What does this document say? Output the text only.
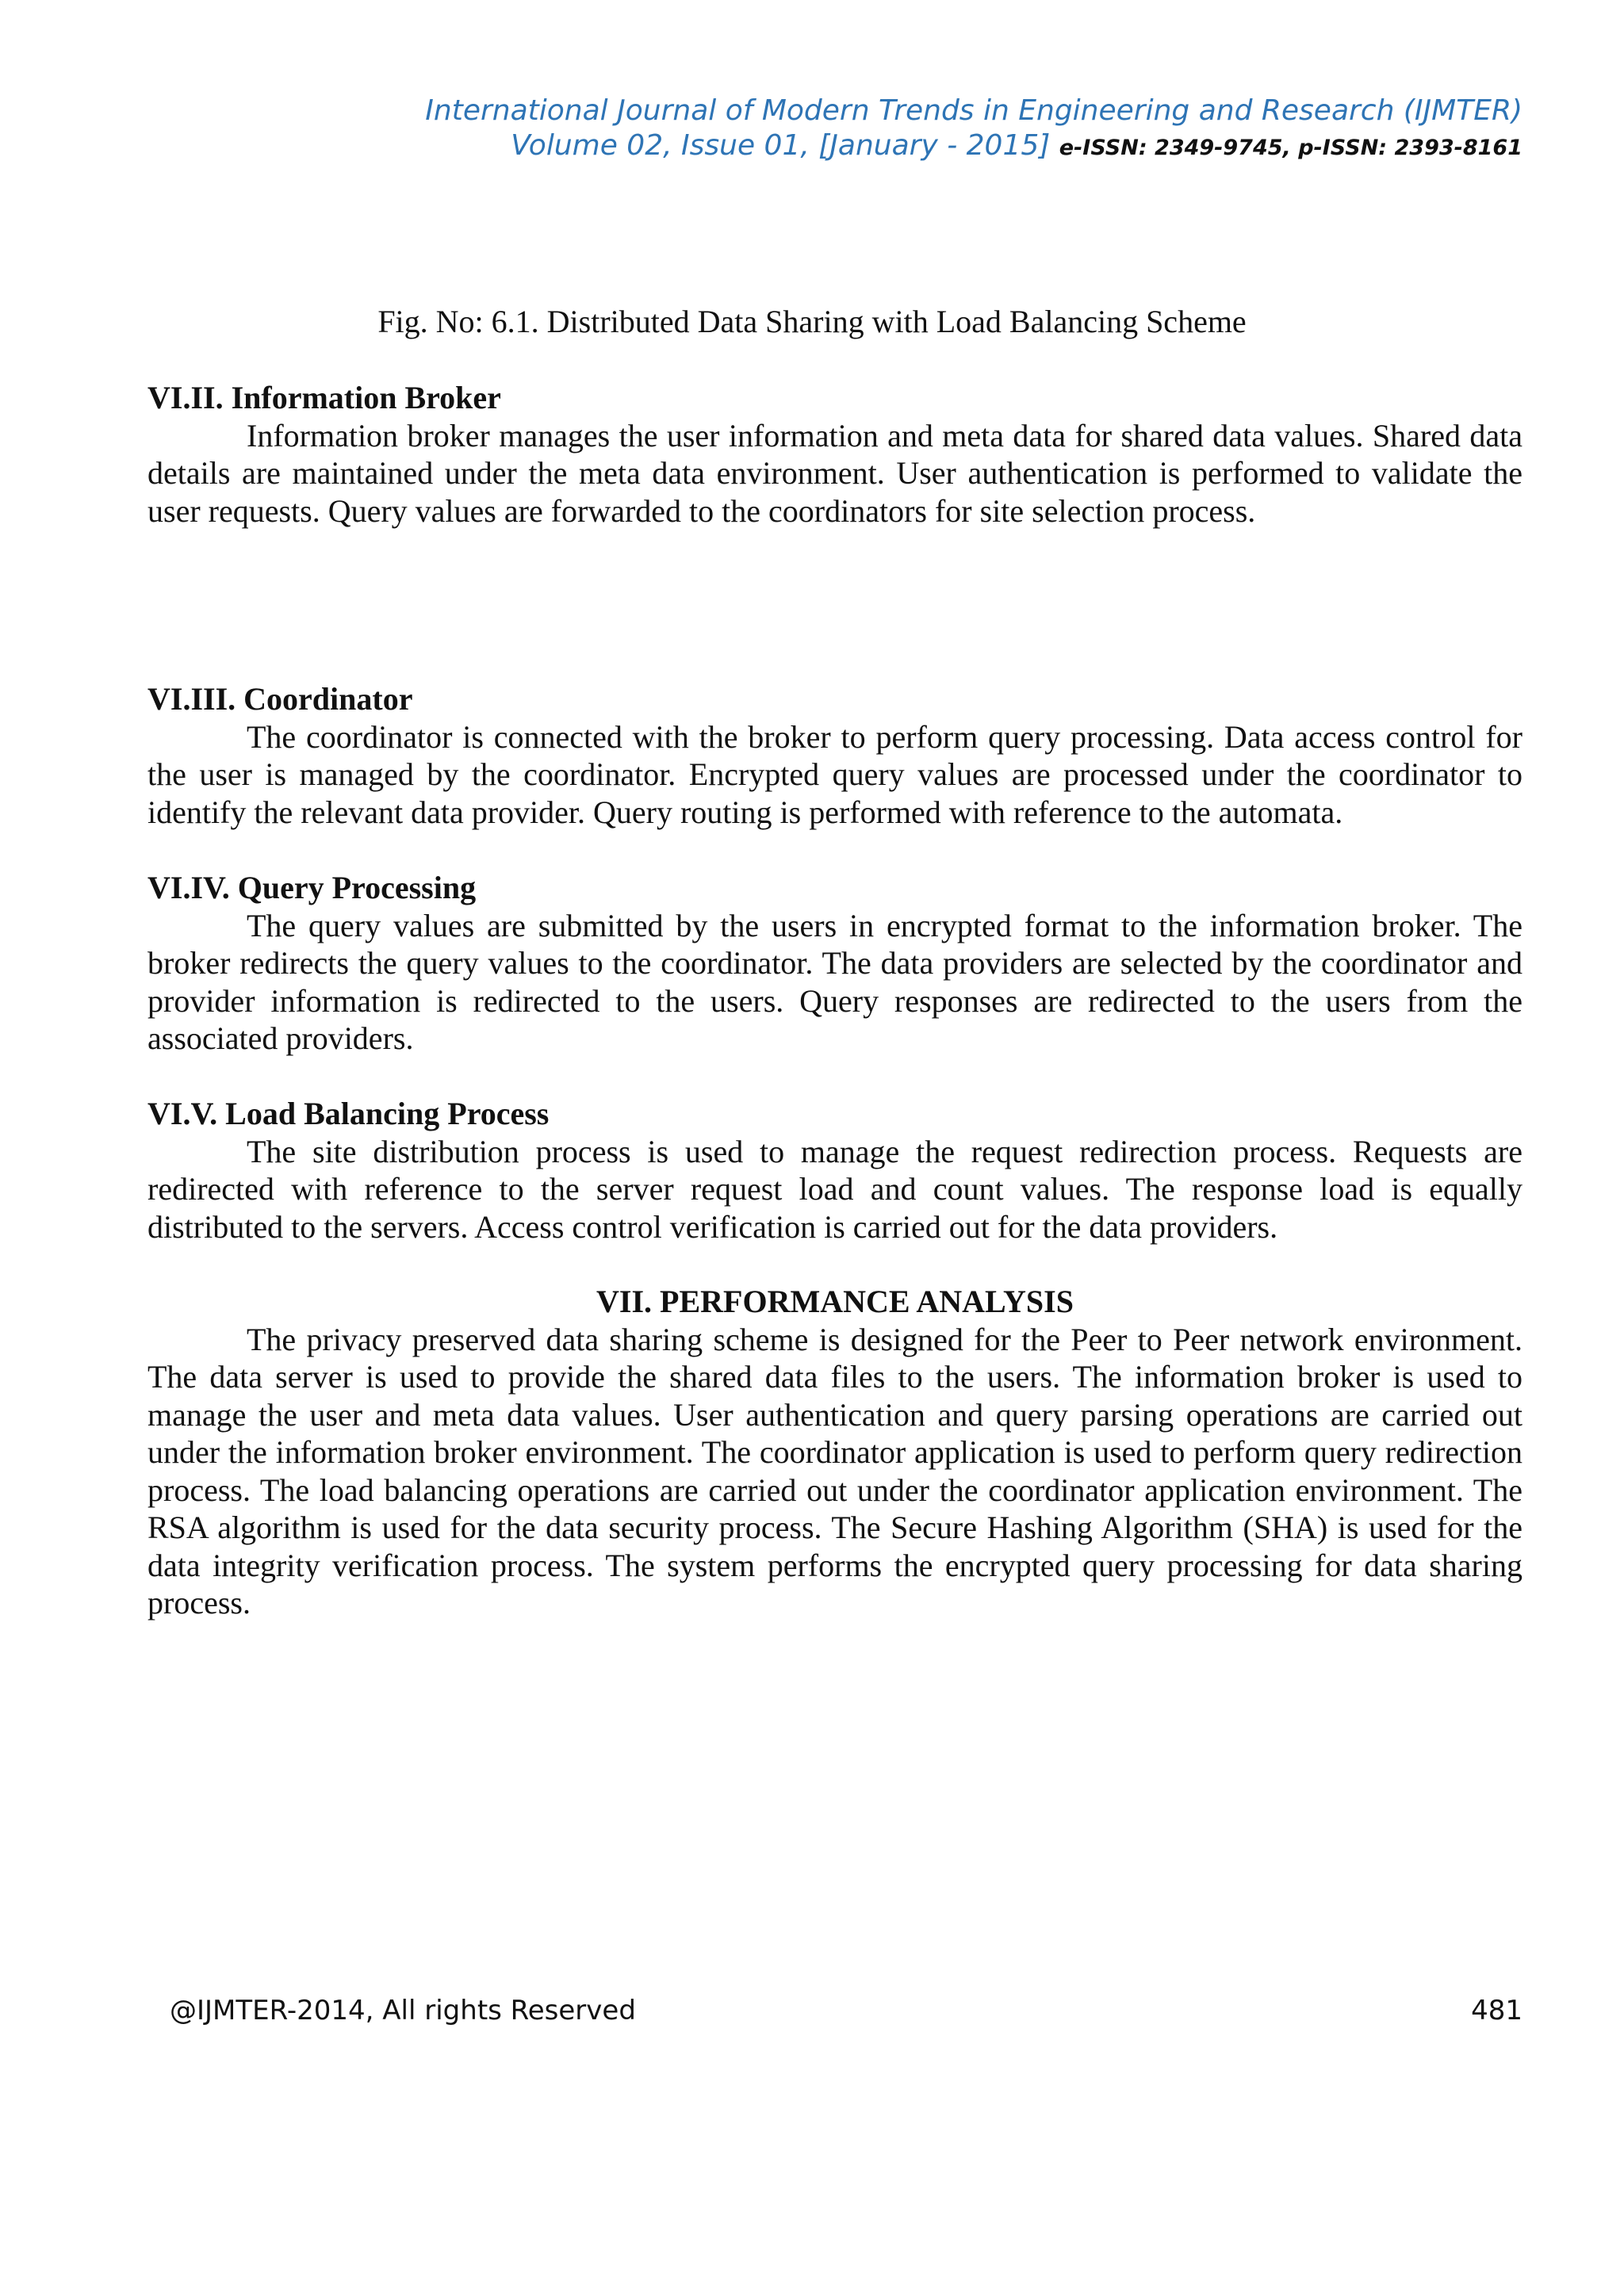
International Journal of Modern Trends in Engineering and Research (IJMTER)
Volume 02, Issue 01, [January - 2015] e-ISSN: 2349-9745, p-ISSN: 2393-8161
Fig. No: 6.1. Distributed Data Sharing with Load Balancing Scheme

VI.II. Information Broker

Information broker manages the user information and meta data for shared data values. Shared data details are maintained under the meta data environment. User authentication is performed to validate the user requests. Query values are forwarded to the coordinators for site selection process.

VI.III. Coordinator

The coordinator is connected with the broker to perform query processing. Data access control for the user is managed by the coordinator. Encrypted query values are processed under the coordinator to identify the relevant data provider. Query routing is performed with reference to the automata.

VI.IV. Query Processing

The query values are submitted by the users in encrypted format to the information broker. The broker redirects the query values to the coordinator. The data providers are selected by the coordinator and provider information is redirected to the users. Query responses are redirected to the users from the associated providers.

VI.V. Load Balancing Process

The site distribution process is used to manage the request redirection process. Requests are redirected with reference to the server request load and count values. The response load is equally distributed to the servers. Access control verification is carried out for the data providers.

VII. PERFORMANCE ANALYSIS

The privacy preserved data sharing scheme is designed for the Peer to Peer network environment. The data server is used to provide the shared data files to the users. The information broker is used to manage the user and meta data values. User authentication and query parsing operations are carried out under the information broker environment. The coordinator application is used to perform query redirection process. The load balancing operations are carried out under the coordinator application environment. The RSA algorithm is used for the data security process. The Secure Hashing Algorithm (SHA) is used for the data integrity verification process. The system performs the encrypted query processing for data sharing process.

@IJMTER-2014, All rights Reserved	481
